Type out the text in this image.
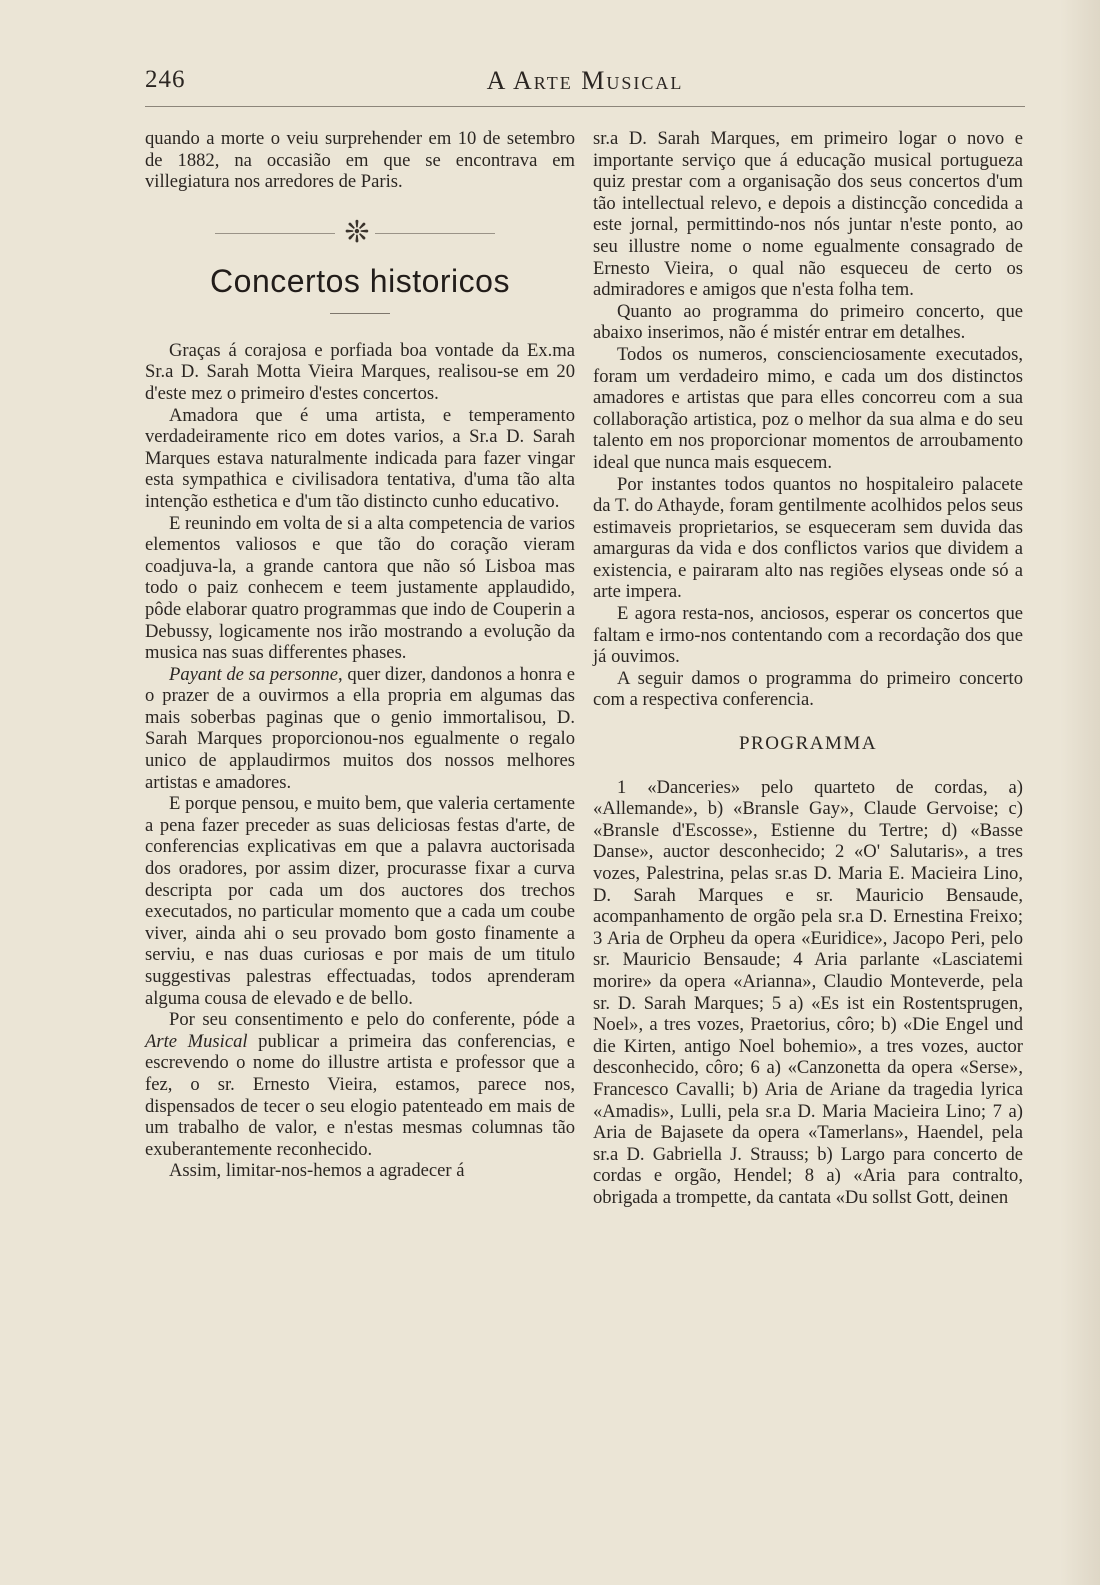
246	A Arte Musical

quando a morte o veiu surprehender em 10 de setembro de 1882, na occasião em que se encontrava em villegiatura nos arredores de Paris.

❊
Concertos historicos

Graças á corajosa e porfiada boa vontade da Ex.ma Sr.a D. Sarah Motta Vieira Marques, realisou-se em 20 d'este mez o primeiro d'estes concertos.

Amadora que é uma artista, e temperamento verdadeiramente rico em dotes varios, a Sr.a D. Sarah Marques estava naturalmente indicada para fazer vingar esta sympathica e civilisadora tentativa, d'uma tão alta intenção esthetica e d'um tão distincto cunho educativo.

E reunindo em volta de si a alta competencia de varios elementos valiosos e que tão do coração vieram coadjuva-la, a grande cantora que não só Lisboa mas todo o paiz conhecem e teem justamente applaudido, pôde elaborar quatro programmas que indo de Couperin a Debussy, logicamente nos irão mostrando a evolução da musica nas suas differentes phases.

Payant de sa personne, quer dizer, dandonos a honra e o prazer de a ouvirmos a ella propria em algumas das mais soberbas paginas que o genio immortalisou, D. Sarah Marques proporcionou-nos egualmente o regalo unico de applaudirmos muitos dos nossos melhores artistas e amadores.

E porque pensou, e muito bem, que valeria certamente a pena fazer preceder as suas deliciosas festas d'arte, de conferencias explicativas em que a palavra auctorisada dos oradores, por assim dizer, procurasse fixar a curva descripta por cada um dos auctores dos trechos executados, no particular momento que a cada um coube viver, ainda ahi o seu provado bom gosto finamente a serviu, e nas duas curiosas e por mais de um titulo suggestivas palestras effectuadas, todos aprenderam alguma cousa de elevado e de bello.

Por seu consentimento e pelo do conferente, póde a Arte Musical publicar a primeira das conferencias, e escrevendo o nome do illustre artista e professor que a fez, o sr. Ernesto Vieira, estamos, parece nos, dispensados de tecer o seu elogio patenteado em mais de um trabalho de valor, e n'estas mesmas columnas tão exuberantemente reconhecido.

Assim, limitar-nos-hemos a agradecer á

sr.a D. Sarah Marques, em primeiro logar o novo e importante serviço que á educação musical portugueza quiz prestar com a organisação dos seus concertos d'um tão intellectual relevo, e depois a distincção concedida a este jornal, permittindo-nos nós juntar n'este ponto, ao seu illustre nome o nome egualmente consagrado de Ernesto Vieira, o qual não esqueceu de certo os admiradores e amigos que n'esta folha tem.

Quanto ao programma do primeiro concerto, que abaixo inserimos, não é mistér entrar em detalhes.

Todos os numeros, conscienciosamente executados, foram um verdadeiro mimo, e cada um dos distinctos amadores e artistas que para elles concorreu com a sua collaboração artistica, poz o melhor da sua alma e do seu talento em nos proporcionar momentos de arroubamento ideal que nunca mais esquecem.

Por instantes todos quantos no hospitaleiro palacete da T. do Athayde, foram gentilmente acolhidos pelos seus estimaveis proprietarios, se esqueceram sem duvida das amarguras da vida e dos conflictos varios que dividem a existencia, e pairaram alto nas regiões elyseas onde só a arte impera.

E agora resta-nos, anciosos, esperar os concertos que faltam e irmo-nos contentando com a recordação dos que já ouvimos.

A seguir damos o programma do primeiro concerto com a respectiva conferencia.

PROGRAMMA

1 «Danceries» pelo quarteto de cordas, a) «Allemande», b) «Bransle Gay», Claude Gervoise; c) «Bransle d'Escosse», Estienne du Tertre; d) «Basse Danse», auctor desconhecido; 2 «O' Salutaris», a tres vozes, Palestrina, pelas sr.as D. Maria E. Macieira Lino, D. Sarah Marques e sr. Mauricio Bensaude, acompanhamento de orgão pela sr.a D. Ernestina Freixo; 3 Aria de Orpheu da opera «Euridice», Jacopo Peri, pelo sr. Mauricio Bensaude; 4 Aria parlante «Lasciatemi morire» da opera «Arianna», Claudio Monteverde, pela sr. D. Sarah Marques; 5 a) «Es ist ein Rostentsprugen, Noel», a tres vozes, Praetorius, côro; b) «Die Engel und die Kirten, antigo Noel bohemio», a tres vozes, auctor desconhecido, côro; 6 a) «Canzonetta da opera «Serse», Francesco Cavalli; b) Aria de Ariane da tragedia lyrica «Amadis», Lulli, pela sr.a D. Maria Macieira Lino; 7 a) Aria de Bajasete da opera «Tamerlans», Haendel, pela sr.a D. Gabriella J. Strauss; b) Largo para concerto de cordas e orgão, Hendel; 8 a) «Aria para contralto, obrigada a trompette, da cantata «Du sollst Gott, deinen
